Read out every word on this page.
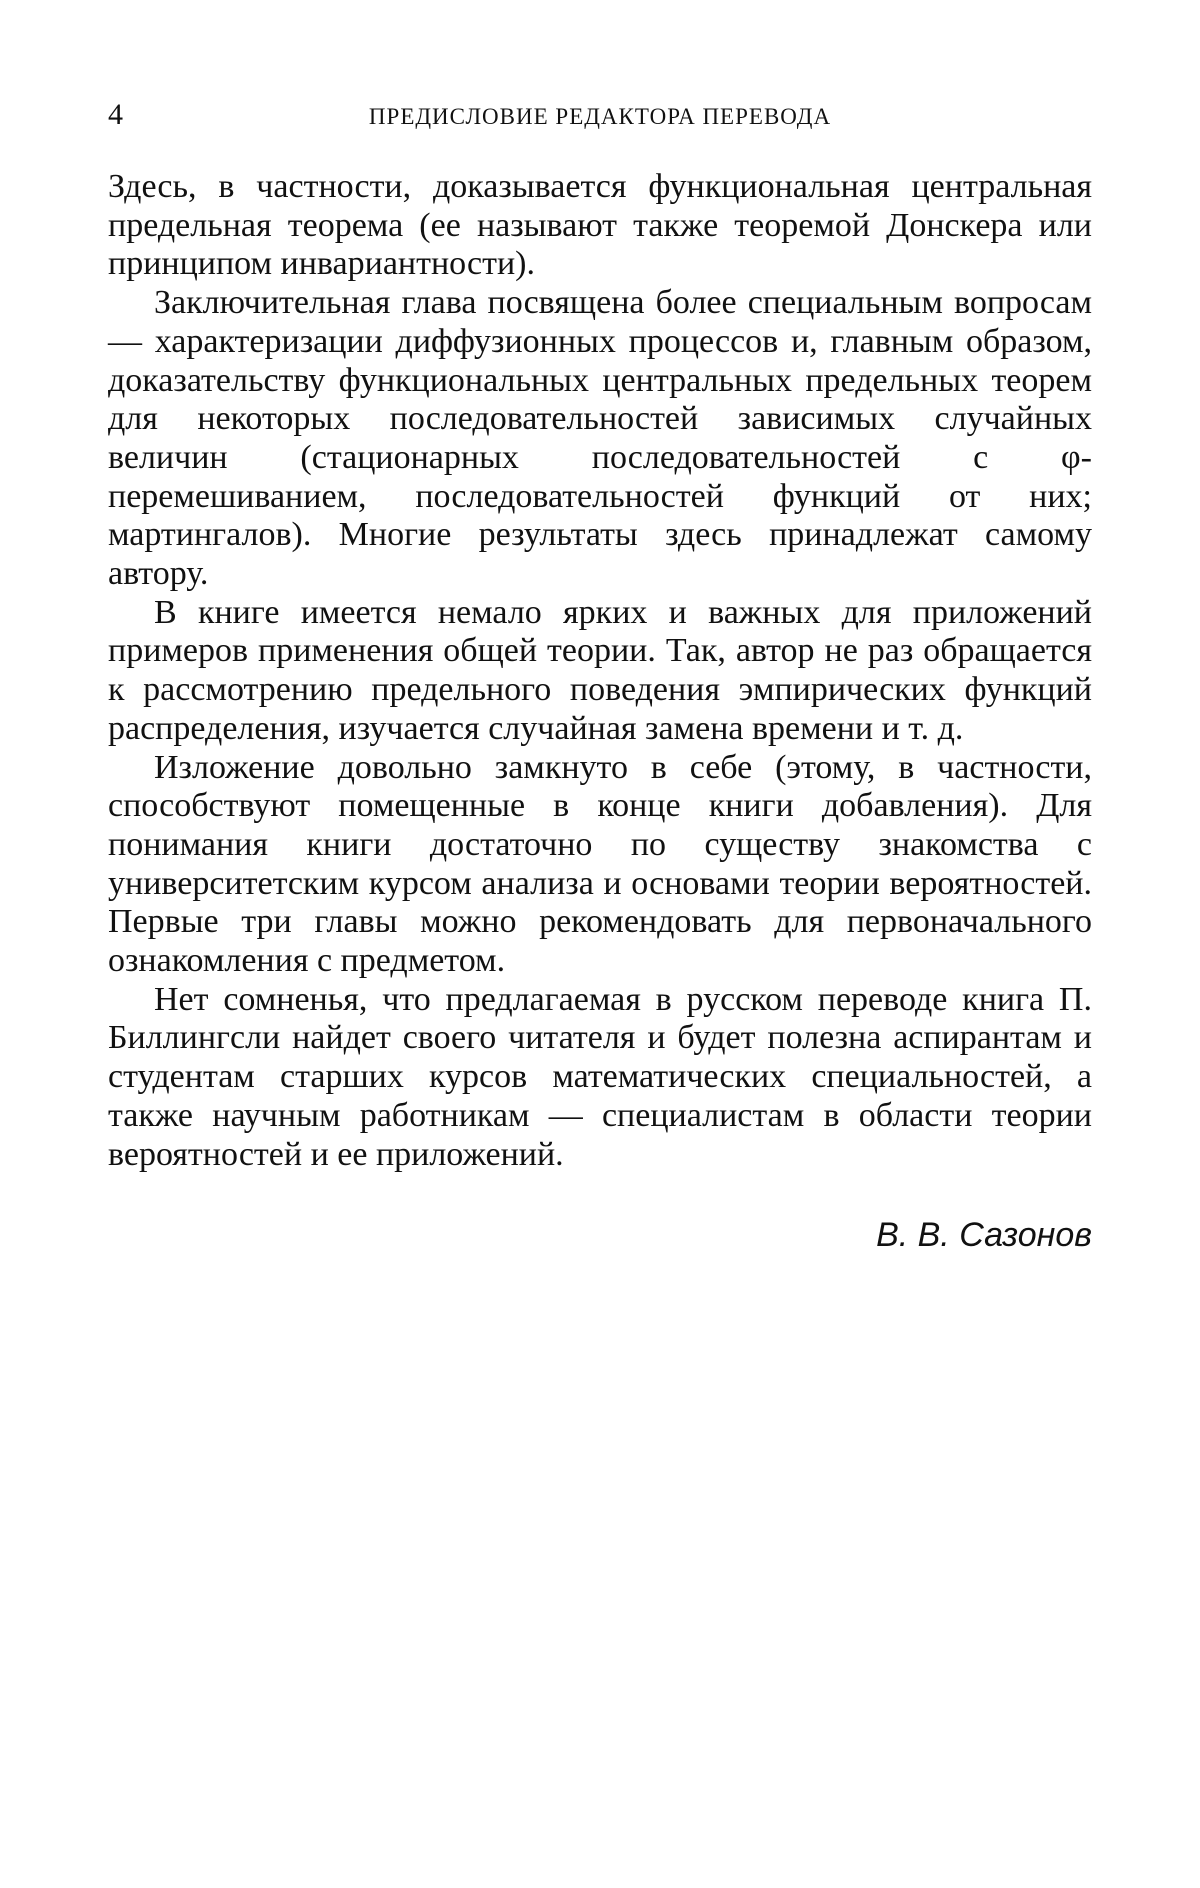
4	ПРЕДИСЛОВИЕ РЕДАКТОРА ПЕРЕВОДА

Здесь, в частности, доказывается функциональная центральная предельная теорема (ее называют также теоремой Донскера или принципом инвариантности).

Заключительная глава посвящена более специальным вопросам — характеризации диффузионных процессов и, главным образом, доказательству функциональных центральных предельных теорем для некоторых последовательностей зависимых случайных величин (стационарных последовательностей с φ-перемешиванием, последовательностей функций от них; мартингалов). Многие результаты здесь принадлежат самому автору.

В книге имеется немало ярких и важных для приложений примеров применения общей теории. Так, автор не раз обращается к рассмотрению предельного поведения эмпирических функций распределения, изучается случайная замена времени и т. д.

Изложение довольно замкнуто в себе (этому, в частности, способствуют помещенные в конце книги добавления). Для понимания книги достаточно по существу знакомства с университетским курсом анализа и основами теории вероятностей. Первые три главы можно рекомендовать для первоначального ознакомления с предметом.

Нет сомненья, что предлагаемая в русском переводе книга П. Биллингсли найдет своего читателя и будет полезна аспирантам и студентам старших курсов математических специальностей, а также научным работникам — специалистам в области теории вероятностей и ее приложений.

В. В. Сазонов
